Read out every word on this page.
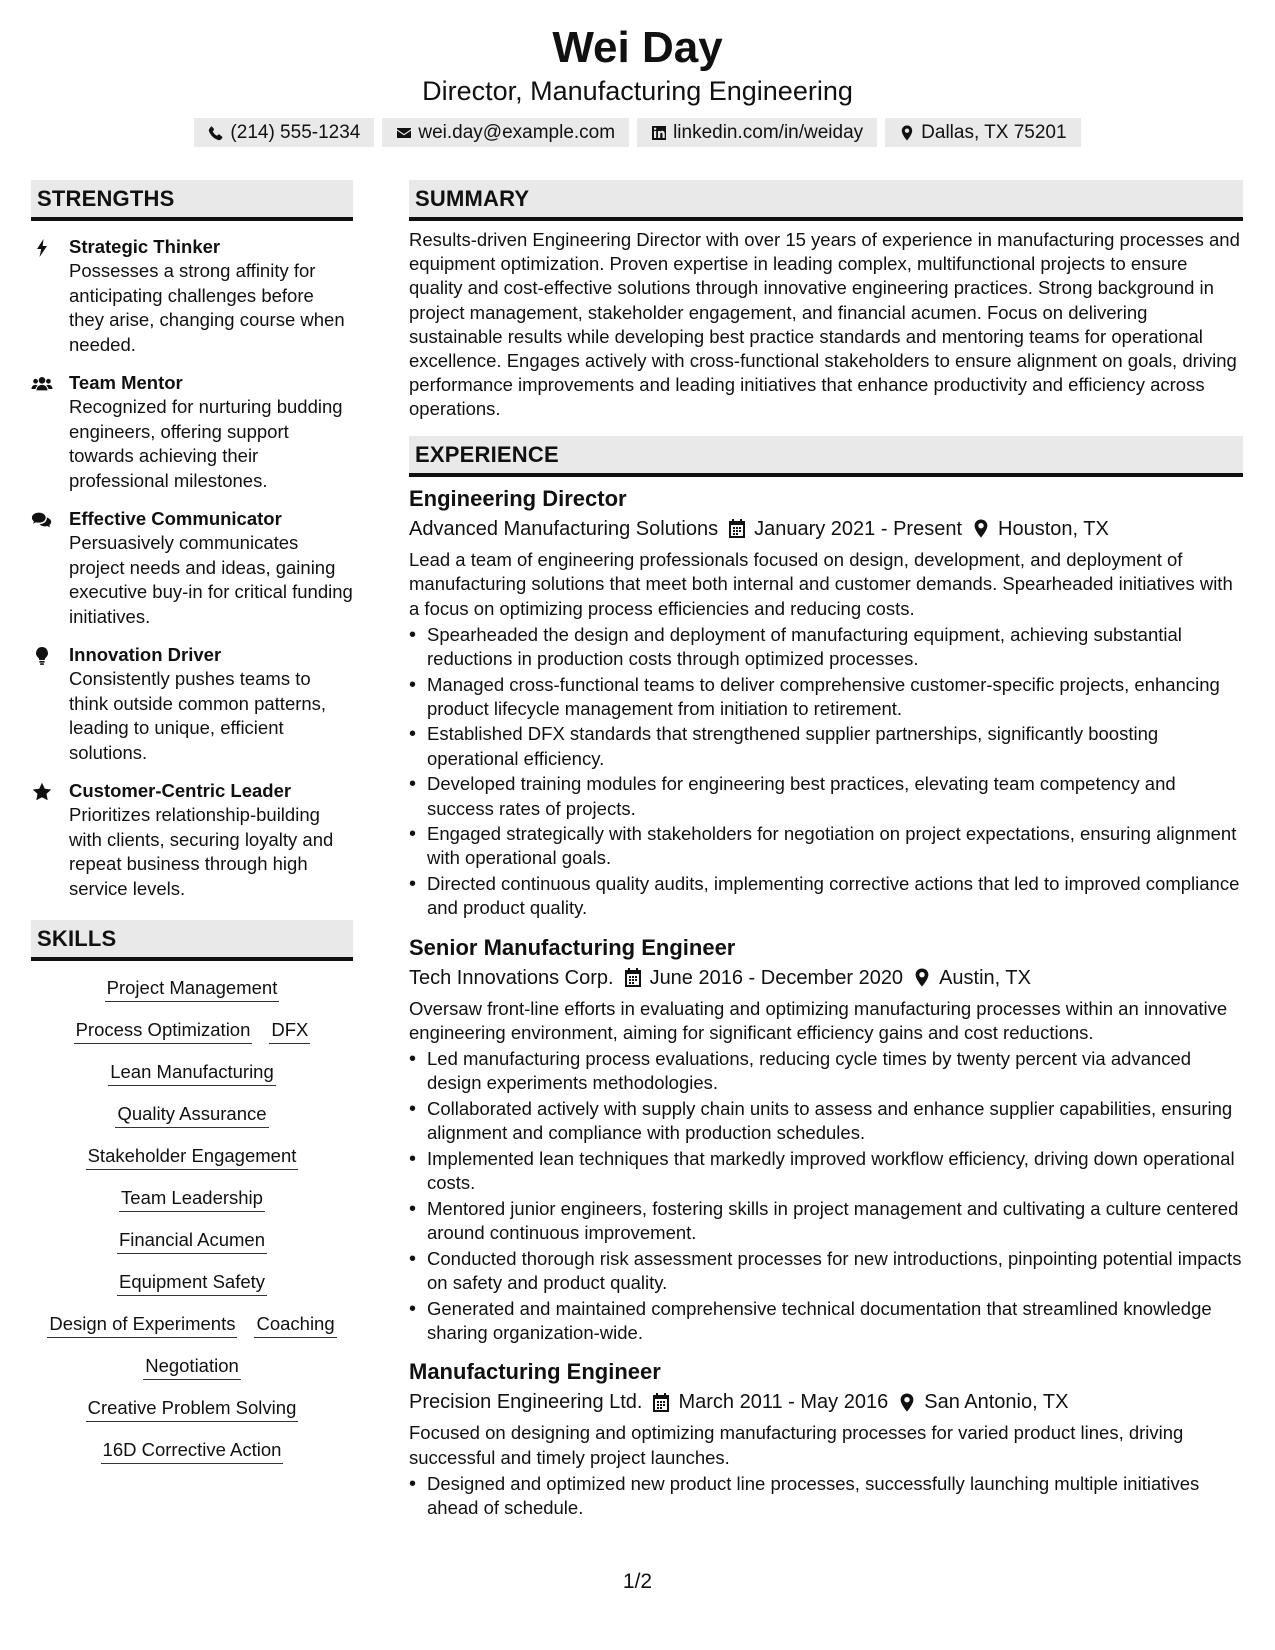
Wei Day
Director, Manufacturing Engineering
(214) 555-1234	wei.day@example.com	linkedin.com/in/weiday	Dallas, TX 75201
STRENGTHS
Strategic Thinker
Possesses a strong affinity for anticipating challenges before they arise, changing course when needed.
Team Mentor
Recognized for nurturing budding engineers, offering support towards achieving their professional milestones.
Effective Communicator
Persuasively communicates project needs and ideas, gaining executive buy-in for critical funding initiatives.
Innovation Driver
Consistently pushes teams to think outside common patterns, leading to unique, efficient solutions.
Customer-Centric Leader
Prioritizes relationship-building with clients, securing loyalty and repeat business through high service levels.
SKILLS
Project Management
Process Optimization DFX
Lean Manufacturing
Quality Assurance
Stakeholder Engagement
Team Leadership
Financial Acumen
Equipment Safety
Design of Experiments Coaching
Negotiation
Creative Problem Solving
16D Corrective Action
SUMMARY
Results-driven Engineering Director with over 15 years of experience in manufacturing processes and equipment optimization. Proven expertise in leading complex, multifunctional projects to ensure quality and cost-effective solutions through innovative engineering practices. Strong background in project management, stakeholder engagement, and financial acumen. Focus on delivering sustainable results while developing best practice standards and mentoring teams for operational excellence. Engages actively with cross-functional stakeholders to ensure alignment on goals, driving performance improvements and leading initiatives that enhance productivity and efficiency across operations.
EXPERIENCE
Engineering Director
Advanced Manufacturing Solutions January 2021 - Present Houston, TX
Lead a team of engineering professionals focused on design, development, and deployment of manufacturing solutions that meet both internal and customer demands. Spearheaded initiatives with a focus on optimizing process efficiencies and reducing costs.
• Spearheaded the design and deployment of manufacturing equipment, achieving substantial reductions in production costs through optimized processes.
• Managed cross-functional teams to deliver comprehensive customer-specific projects, enhancing product lifecycle management from initiation to retirement.
• Established DFX standards that strengthened supplier partnerships, significantly boosting operational efficiency.
• Developed training modules for engineering best practices, elevating team competency and success rates of projects.
• Engaged strategically with stakeholders for negotiation on project expectations, ensuring alignment with operational goals.
• Directed continuous quality audits, implementing corrective actions that led to improved compliance and product quality.
Senior Manufacturing Engineer
Tech Innovations Corp. June 2016 - December 2020 Austin, TX
Oversaw front-line efforts in evaluating and optimizing manufacturing processes within an innovative engineering environment, aiming for significant efficiency gains and cost reductions.
• Led manufacturing process evaluations, reducing cycle times by twenty percent via advanced design experiments methodologies.
• Collaborated actively with supply chain units to assess and enhance supplier capabilities, ensuring alignment and compliance with production schedules.
• Implemented lean techniques that markedly improved workflow efficiency, driving down operational costs.
• Mentored junior engineers, fostering skills in project management and cultivating a culture centered around continuous improvement.
• Conducted thorough risk assessment processes for new introductions, pinpointing potential impacts on safety and product quality.
• Generated and maintained comprehensive technical documentation that streamlined knowledge sharing organization-wide.
Manufacturing Engineer
Precision Engineering Ltd. March 2011 - May 2016 San Antonio, TX
Focused on designing and optimizing manufacturing processes for varied product lines, driving successful and timely project launches.
• Designed and optimized new product line processes, successfully launching multiple initiatives ahead of schedule.
1/2
